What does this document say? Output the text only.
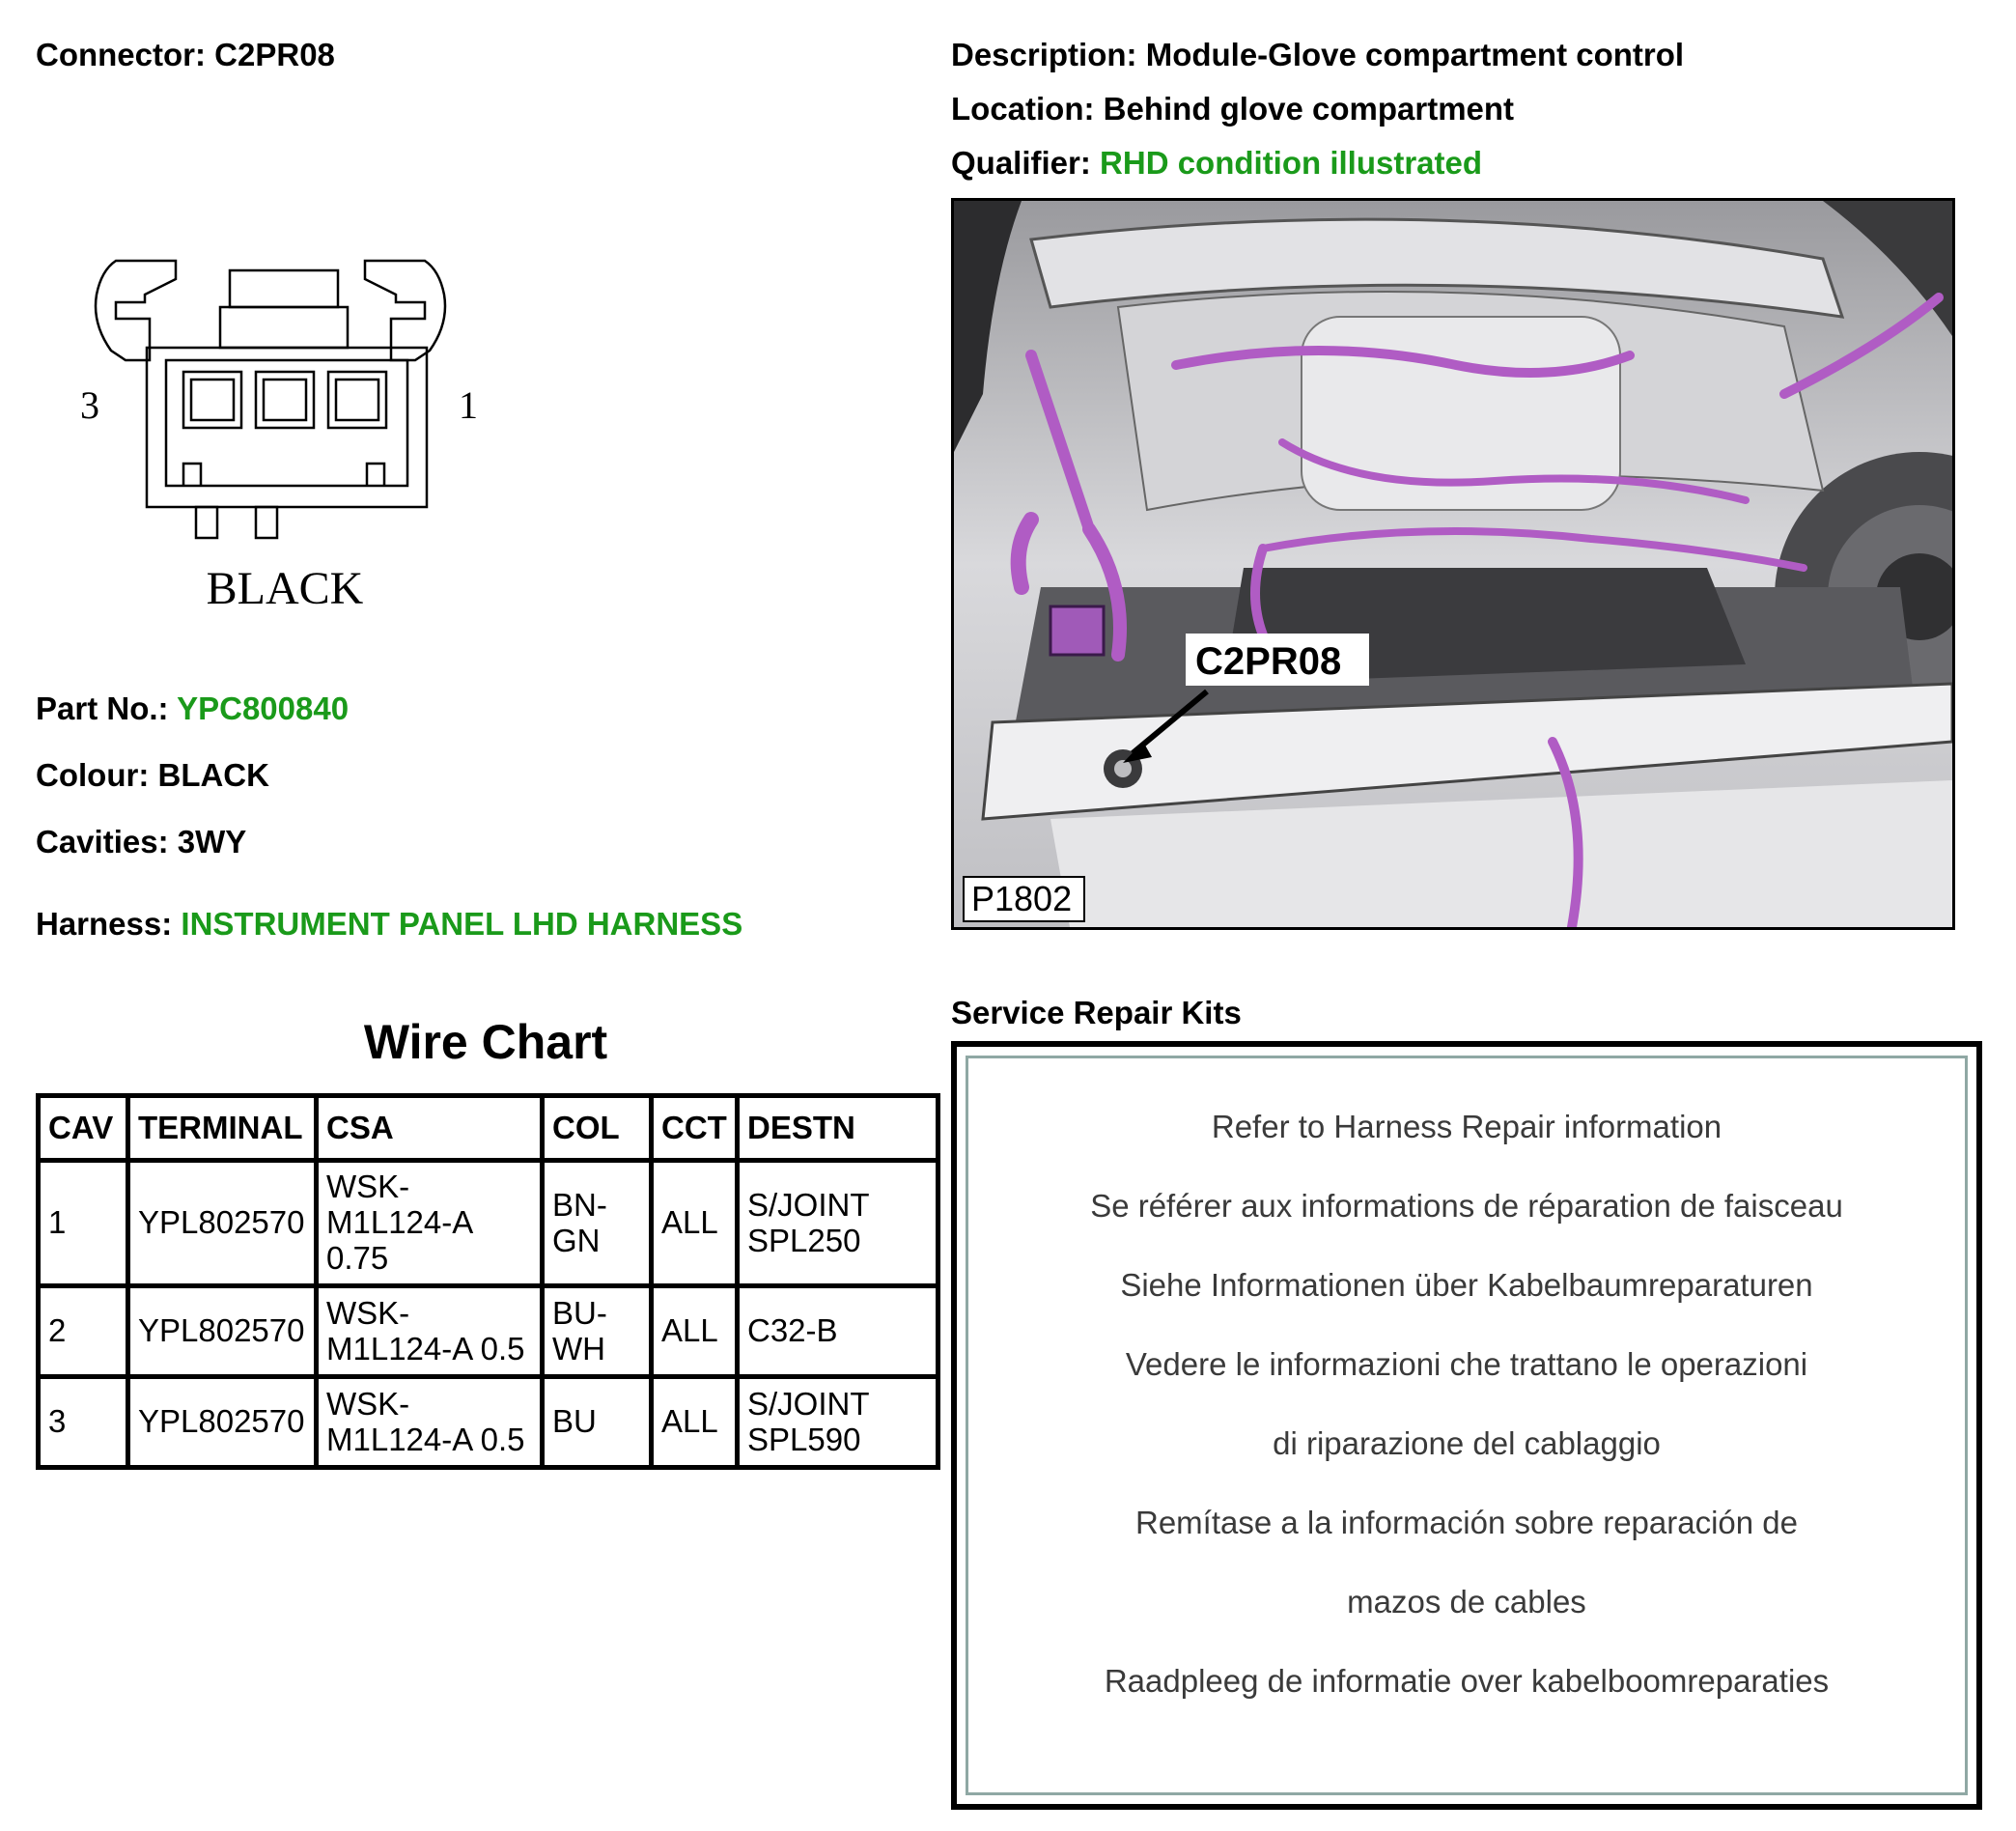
Connector: C2PR08	Description: Module-Glove compartment control
Location: Behind glove compartment
Qualifier: RHD condition illustrated
3	1
BLACK
C2PR08
P1802
Part No.: YPC800840
Colour: BLACK
Cavities: 3WY
Harness: INSTRUMENT PANEL LHD HARNESS
Wire Chart
CAV	TERMINAL	CSA	COL	CCT	DESTN
1	YPL802570	WSK-
M1L124-A
0.75	BN-
GN	ALL	S/JOINT
SPL250
2	YPL802570	WSK-
M1L124-A 0.5	BU-
WH	ALL	C32-B
3	YPL802570	WSK-
M1L124-A 0.5	BU	ALL	S/JOINT
SPL590
Service Repair Kits
Refer to Harness Repair information
Se référer aux informations de réparation de faisceau
Siehe Informationen über Kabelbaumreparaturen
Vedere le informazioni che trattano le operazioni
di riparazione del cablaggio
Remítase a la información sobre reparación de
mazos de cables
Raadpleeg de informatie over kabelboomreparaties
